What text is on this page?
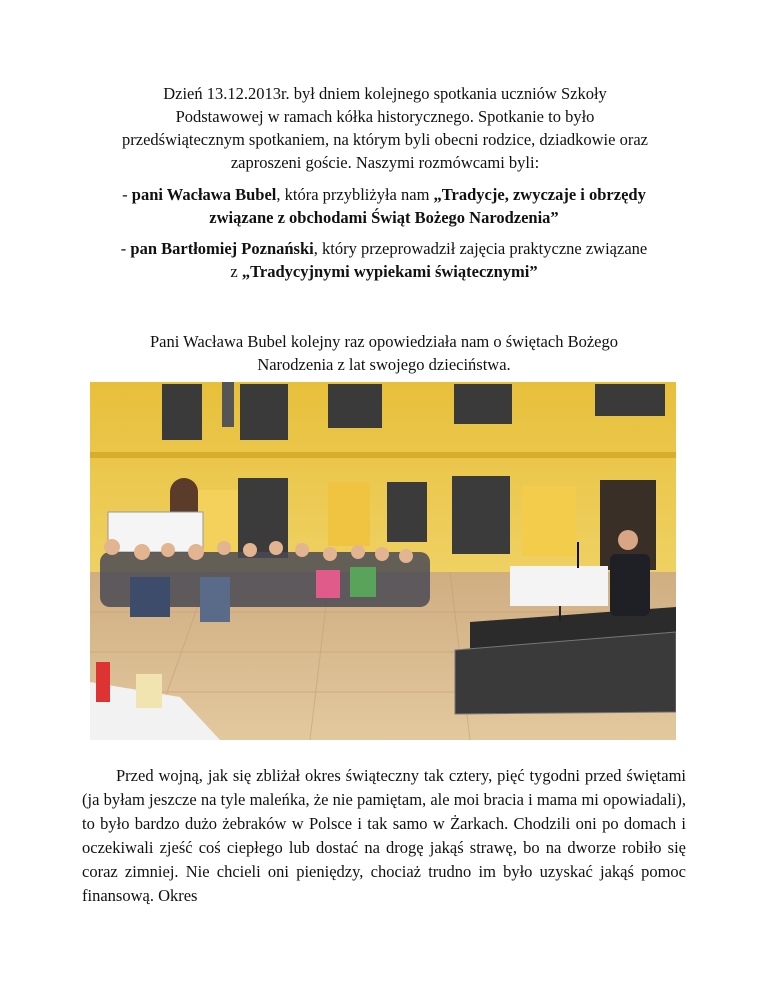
Dzień 13.12.2013r. był dniem kolejnego spotkania uczniów Szkoły
Podstawowej w ramach kółka historycznego. Spotkanie to było
przedświątecznym spotkaniem, na którym byli obecni rodzice, dziadkowie oraz
zaproszeni goście. Naszymi rozmówcami byli:
- pani Wacława Bubel, która przybliżyła nam „Tradycje, zwyczaje i obrzędy
związane z obchodami Świąt Bożego Narodzenia”
- pan Bartłomiej Poznański, który przeprowadził zajęcia praktyczne związane
z „Tradycyjnymi wypiekami świątecznymi”
Pani Wacława Bubel kolejny raz opowiedziała nam o świętach Bożego
Narodzenia z lat swojego dzieciństwa.

Przed wojną, jak się zbliżał okres świąteczny tak cztery, pięć tygodni przed świętami (ja byłam jeszcze na tyle maleńka, że nie pamiętam, ale moi bracia i mama mi opowiadali), to było bardzo dużo żebraków w Polsce i tak samo w Żarkach. Chodzili oni po domach i oczekiwali zjeść coś ciepłego lub dostać na drogę jakąś strawę, bo na dworze robiło się coraz zimniej. Nie chcieli oni pieniędzy, chociaż trudno im było uzyskać jakąś pomoc finansową. Okres
